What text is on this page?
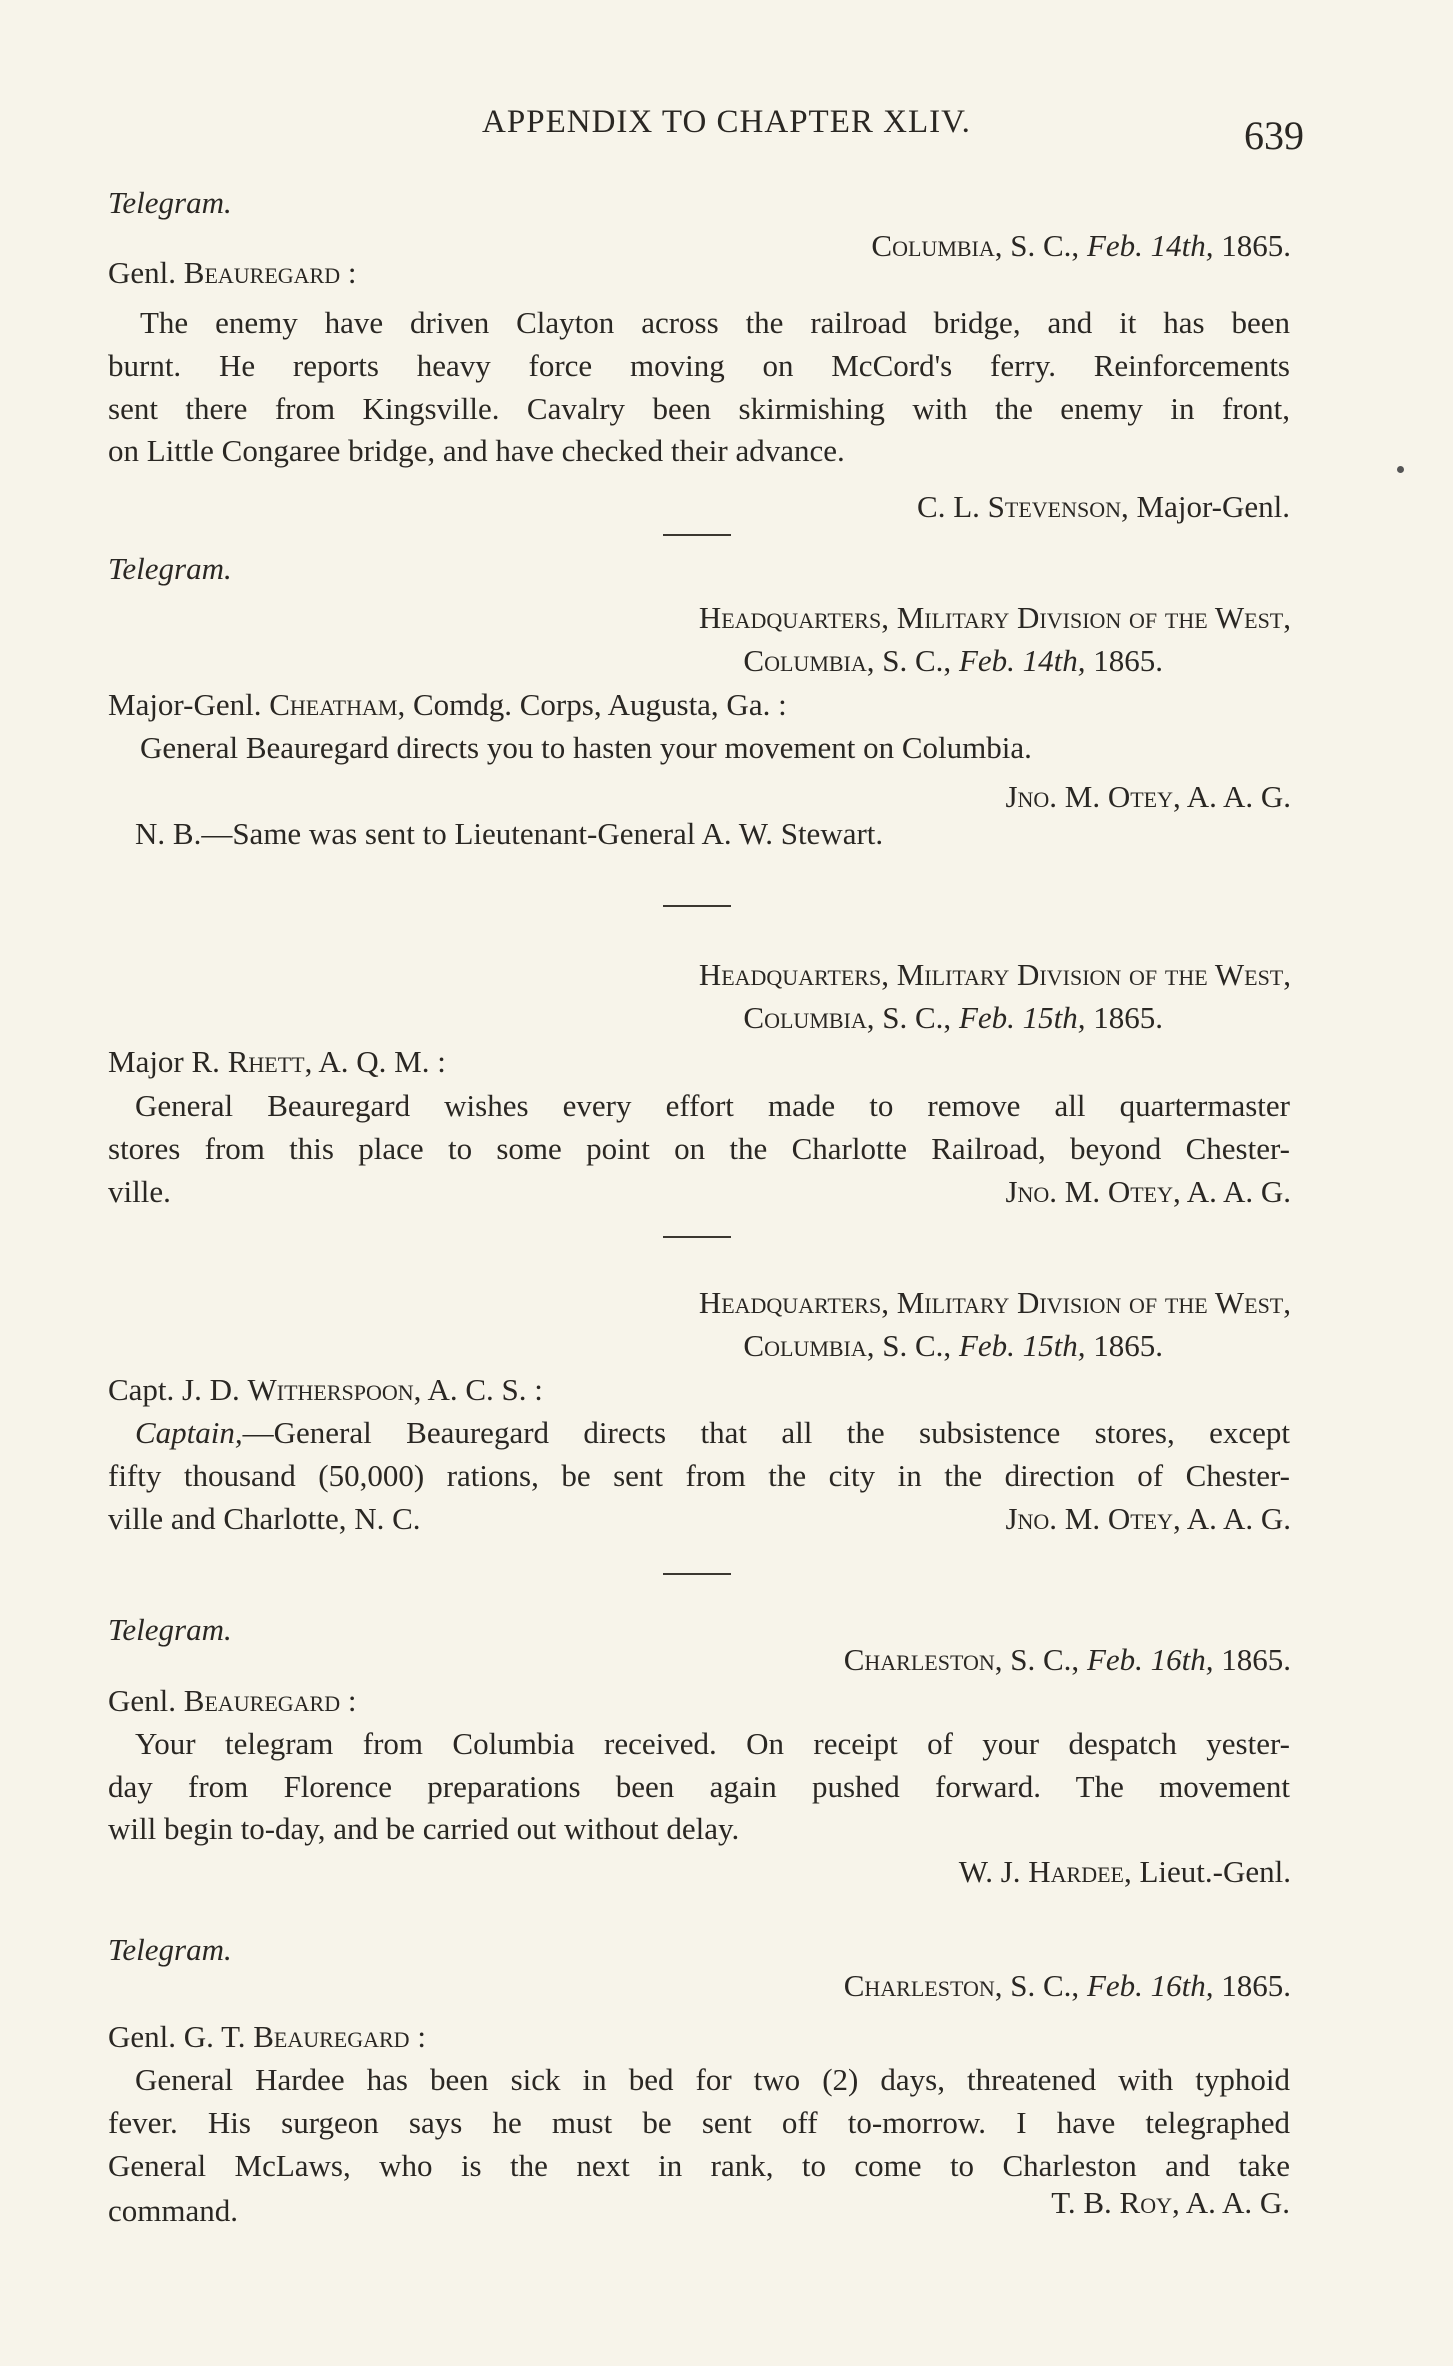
APPENDIX TO CHAPTER XLIV.	639
Telegram.
Columbia, S. C., Feb. 14th, 1865.
Genl. Beauregard :
The enemy have driven Clayton across the railroad bridge, and it has been
burnt. He reports heavy force moving on McCord's ferry. Reinforcements
sent there from Kingsville. Cavalry been skirmishing with the enemy in front,
on Little Congaree bridge, and have checked their advance.
C. L. Stevenson, Major-Genl.
Telegram.
Headquarters, Military Division of the West,
Columbia, S. C., Feb. 14th, 1865.
Major-Genl. Cheatham, Comdg. Corps, Augusta, Ga. :
General Beauregard directs you to hasten your movement on Columbia.
Jno. M. Otey, A. A. G.
N. B.—Same was sent to Lieutenant-General A. W. Stewart.
Headquarters, Military Division of the West,
Columbia, S. C., Feb. 15th, 1865.
Major R. Rhett, A. Q. M. :
General Beauregard wishes every effort made to remove all quartermaster
stores from this place to some point on the Charlotte Railroad, beyond Chester-
ville.	Jno. M. Otey, A. A. G.
Headquarters, Military Division of the West,
Columbia, S. C., Feb. 15th, 1865.
Capt. J. D. Witherspoon, A. C. S. :
Captain,—General Beauregard directs that all the subsistence stores, except
fifty thousand (50,000) rations, be sent from the city in the direction of Chester-
ville and Charlotte, N. C.	Jno. M. Otey, A. A. G.
Telegram.
Charleston, S. C., Feb. 16th, 1865.
Genl. Beauregard :
Your telegram from Columbia received. On receipt of your despatch yester-
day from Florence preparations been again pushed forward. The movement
will begin to-day, and be carried out without delay.
W. J. Hardee, Lieut.-Genl.
Telegram.
Charleston, S. C., Feb. 16th, 1865.
Genl. G. T. Beauregard :
General Hardee has been sick in bed for two (2) days, threatened with typhoid
fever. His surgeon says he must be sent off to-morrow. I have telegraphed
General McLaws, who is the next in rank, to come to Charleston and take
command.	T. B. Roy, A. A. G.
